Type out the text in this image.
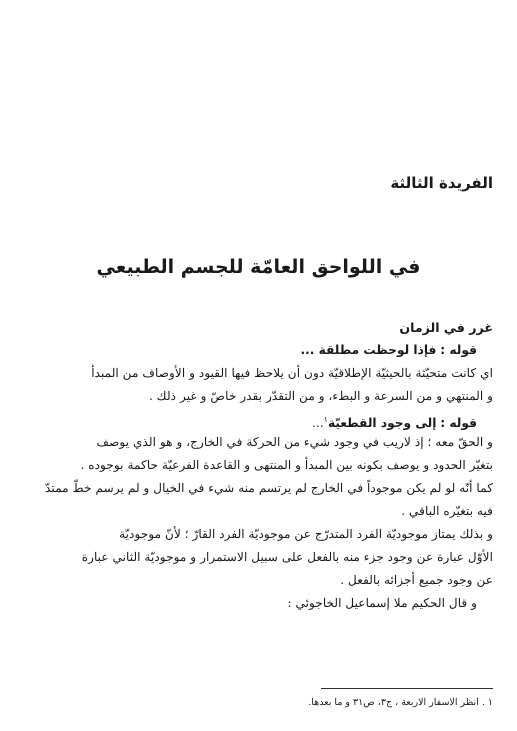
الفريدة الثالثة
في اللواحق العامّة للجسم الطبيعي
غرر في الزمان
قوله : فإذا لوحظت مطلقة ...
اي كانت متحيّثة بالحيثيّة الإطلاقيّة دون أن يلاحظ فيها القيود و الأوصاف من المبدأ
و المنتهي و من السرعة و البطء، و من التقدّر بقدر خاصّ و غير ذلك .
قوله : إلى وجود القطعيّة$^١$...
و الحقّ معه ؛ إذ لاريب في وجود شيء من الحركة في الخارج، و هو الذي يوصف
بتغيّر الحدود و يوصف بكونه بين المبدأ و المنتهى و القاعدة الفرعيّة حاكمة بوجوده .
كما أنّه لو لم يكن موجوداً في الخارج لم يرتسم منه شيء في الخيال و لم يرسم خطّ ممتدّ
فيه بتغيّره الباقي .
و بذلك يمتاز موجوديّة الفرد المتدرّج عن موجوديّة الفرد القارّ ؛ لأنّ موجوديّة
الأوّل عبارة عن وجود جزء منه بالفعل على سبيل الاستمرار و موجوديّة الثاني عبارة
عن وجود جميع أجزائه بالفعل .
و قال الحكيم ملا إسماعيل الخاجوئي :

١ . انظر الاسفار الاربعة ، ج٣، ص٣١ و ما بعدها.
